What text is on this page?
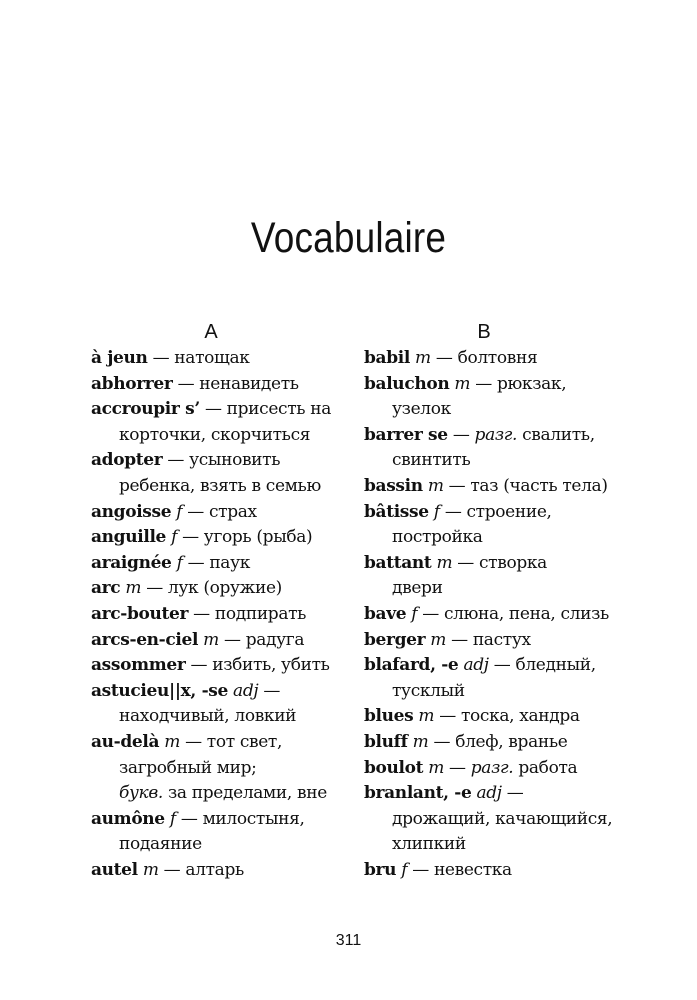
Vocabulaire
A
à jeun — натощак
abhorrer — ненавидеть
accroupir s’ — присесть на
корточки, скорчиться
adopter — усыновить
ребенка, взять в семью
angoisse f — страх
anguille f — угорь (рыба)
araignée f — паук
arc m — лук (оружие)
arc-bouter — подпирать
arcs-en-ciel m — радуга
assommer — избить, убить
astucieu||x, -se adj —
находчивый, ловкий
au-delà m — тот свет,
загробный мир;
букв. за пределами, вне
aumône f — милостыня,
подаяние
autel m — алтарь
B
babil m — болтовня
baluchon m — рюкзак,
узелок
barrer se — разг. свалить,
свинтить
bassin m — таз (часть тела)
bâtisse f — строение,
постройка
battant m — створка
двери
bave f — слюна, пена, слизь
berger m — пастух
blafard, -e adj — бледный,
тусклый
blues m — тоска, хандра
bluff m — блеф, вранье
boulot m — разг. работа
branlant, -e adj —
дрожащий, качающийся,
хлипкий
bru f — невестка
311
